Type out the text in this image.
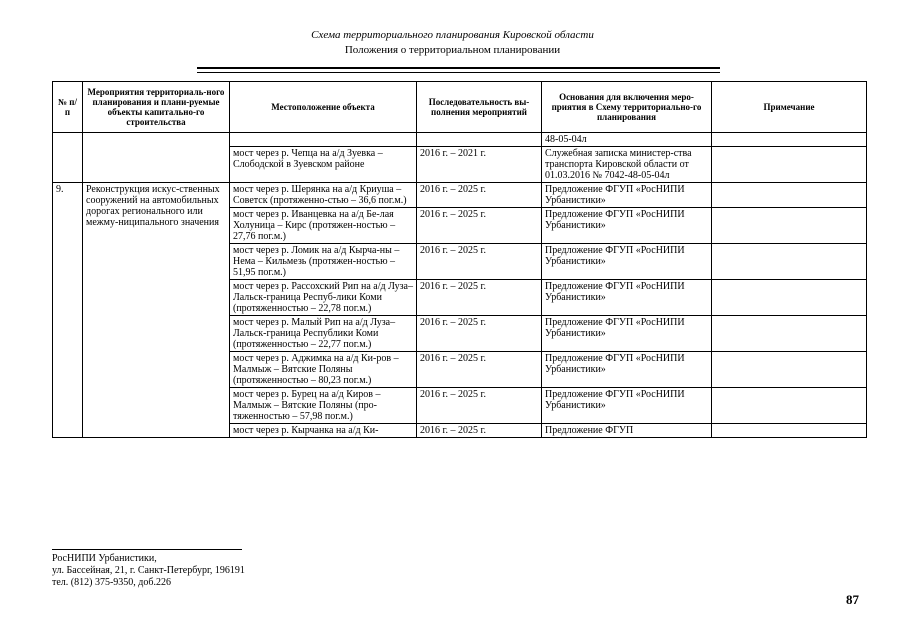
Схема территориального планирования Кировской области
Положения о территориальном планировании
№ п/п	Мероприятия территориаль-ного планирования и плани-руемые объекты капитально-го строительства	Местоположение объекта	Последовательность вы-полнения мероприятий	Основания для включения меро-приятия в Схему территориально-го планирования	Примечание
				48-05-04л	
		мост через р. Чепца на а/д Зуевка – Слободской в Зуевском районе	2016 г. – 2021 г.	Служебная записка министер-ства транспорта Кировской области от 01.03.2016 № 7042-48-05-04л	
9.	Реконструкция искус-ственных сооружений на автомобильных дорогах регионального или межму-ниципального значения	мост через р. Шерянка на а/д Криуша – Советск (протяженно-стью – 36,6 пог.м.)	2016 г. – 2025 г.	Предложение ФГУП «РосНИПИ Урбанистики»	
		мост через р. Иванцевка на а/д Бе-лая Холуница – Кирс (протяжен-ностью – 27,76 пог.м.)	2016 г. – 2025 г.	Предложение ФГУП «РосНИПИ Урбанистики»	
		мост через р. Ломик на а/д Кырча-ны – Нема – Кильмезь (протяжен-ностью – 51,95 пог.м.)	2016 г. – 2025 г.	Предложение ФГУП «РосНИПИ Урбанистики»	
		мост через р. Рассохский Рип на а/д Луза–Лальск-граница Респуб-лики Коми (протяженностью – 22,78 пог.м.)	2016 г. – 2025 г.	Предложение ФГУП «РосНИПИ Урбанистики»	
		мост через р. Малый Рип на а/д Луза–Лальск-граница Республики Коми (протяженностью – 22,77 пог.м.)	2016 г. – 2025 г.	Предложение ФГУП «РосНИПИ Урбанистики»	
		мост через р. Аджимка на а/д Ки-ров – Малмыж – Вятские Поляны (протяженностью – 80,23 пог.м.)	2016 г. – 2025 г.	Предложение ФГУП «РосНИПИ Урбанистики»	
		мост через р. Бурец на а/д Киров – Малмыж – Вятские Поляны (про-тяженностью – 57,98 пог.м.)	2016 г. – 2025 г.	Предложение ФГУП «РосНИПИ Урбанистики»	
		мост через р. Кырчанка на а/д Ки-	2016 г. – 2025 г.	Предложение ФГУП	
РосНИПИ Урбанистики,
ул. Бассейная, 21, г. Санкт-Петербург, 196191
тел. (812) 375-9350, доб.226
87
